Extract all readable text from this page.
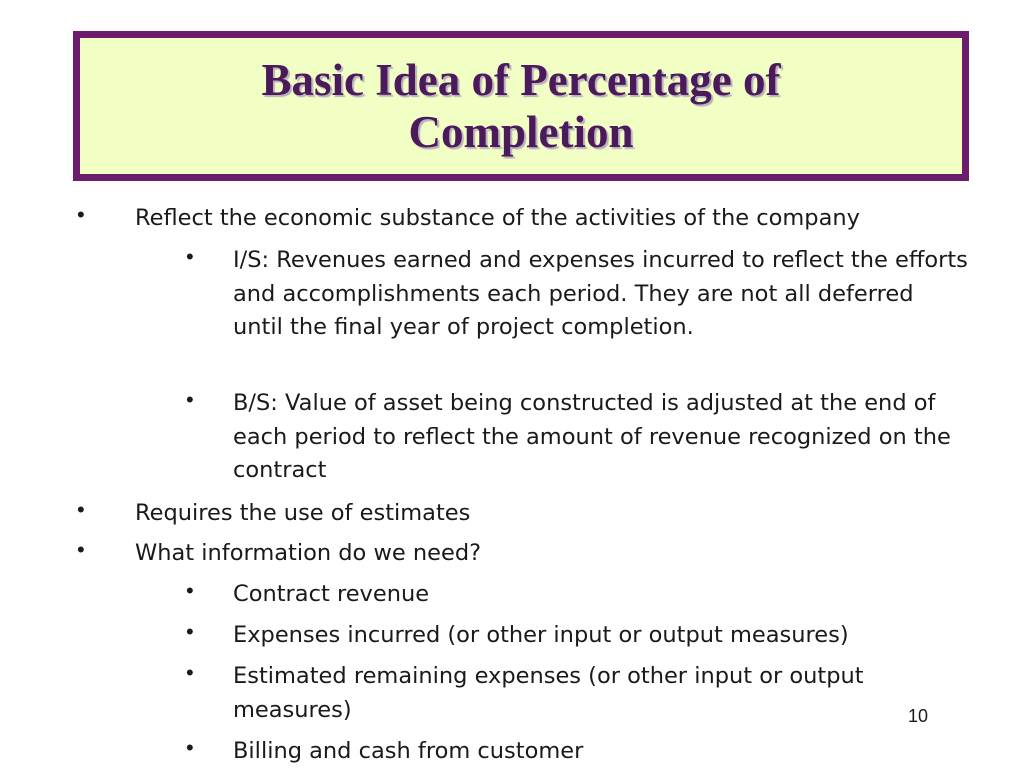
Basic Idea of Percentage of Completion
• Reflect the economic substance of the activities of the company
• I/S: Revenues earned and expenses incurred to reflect the efforts and accomplishments each period. They are not all deferred until the final year of project completion.
• B/S: Value of asset being constructed is adjusted at the end of each period to reflect the amount of revenue recognized on the contract
• Requires the use of estimates
• What information do we need?
• Contract revenue
• Expenses incurred (or other input or output measures)
• Estimated remaining expenses (or other input or output measures)
• Billing and cash from customer
10
